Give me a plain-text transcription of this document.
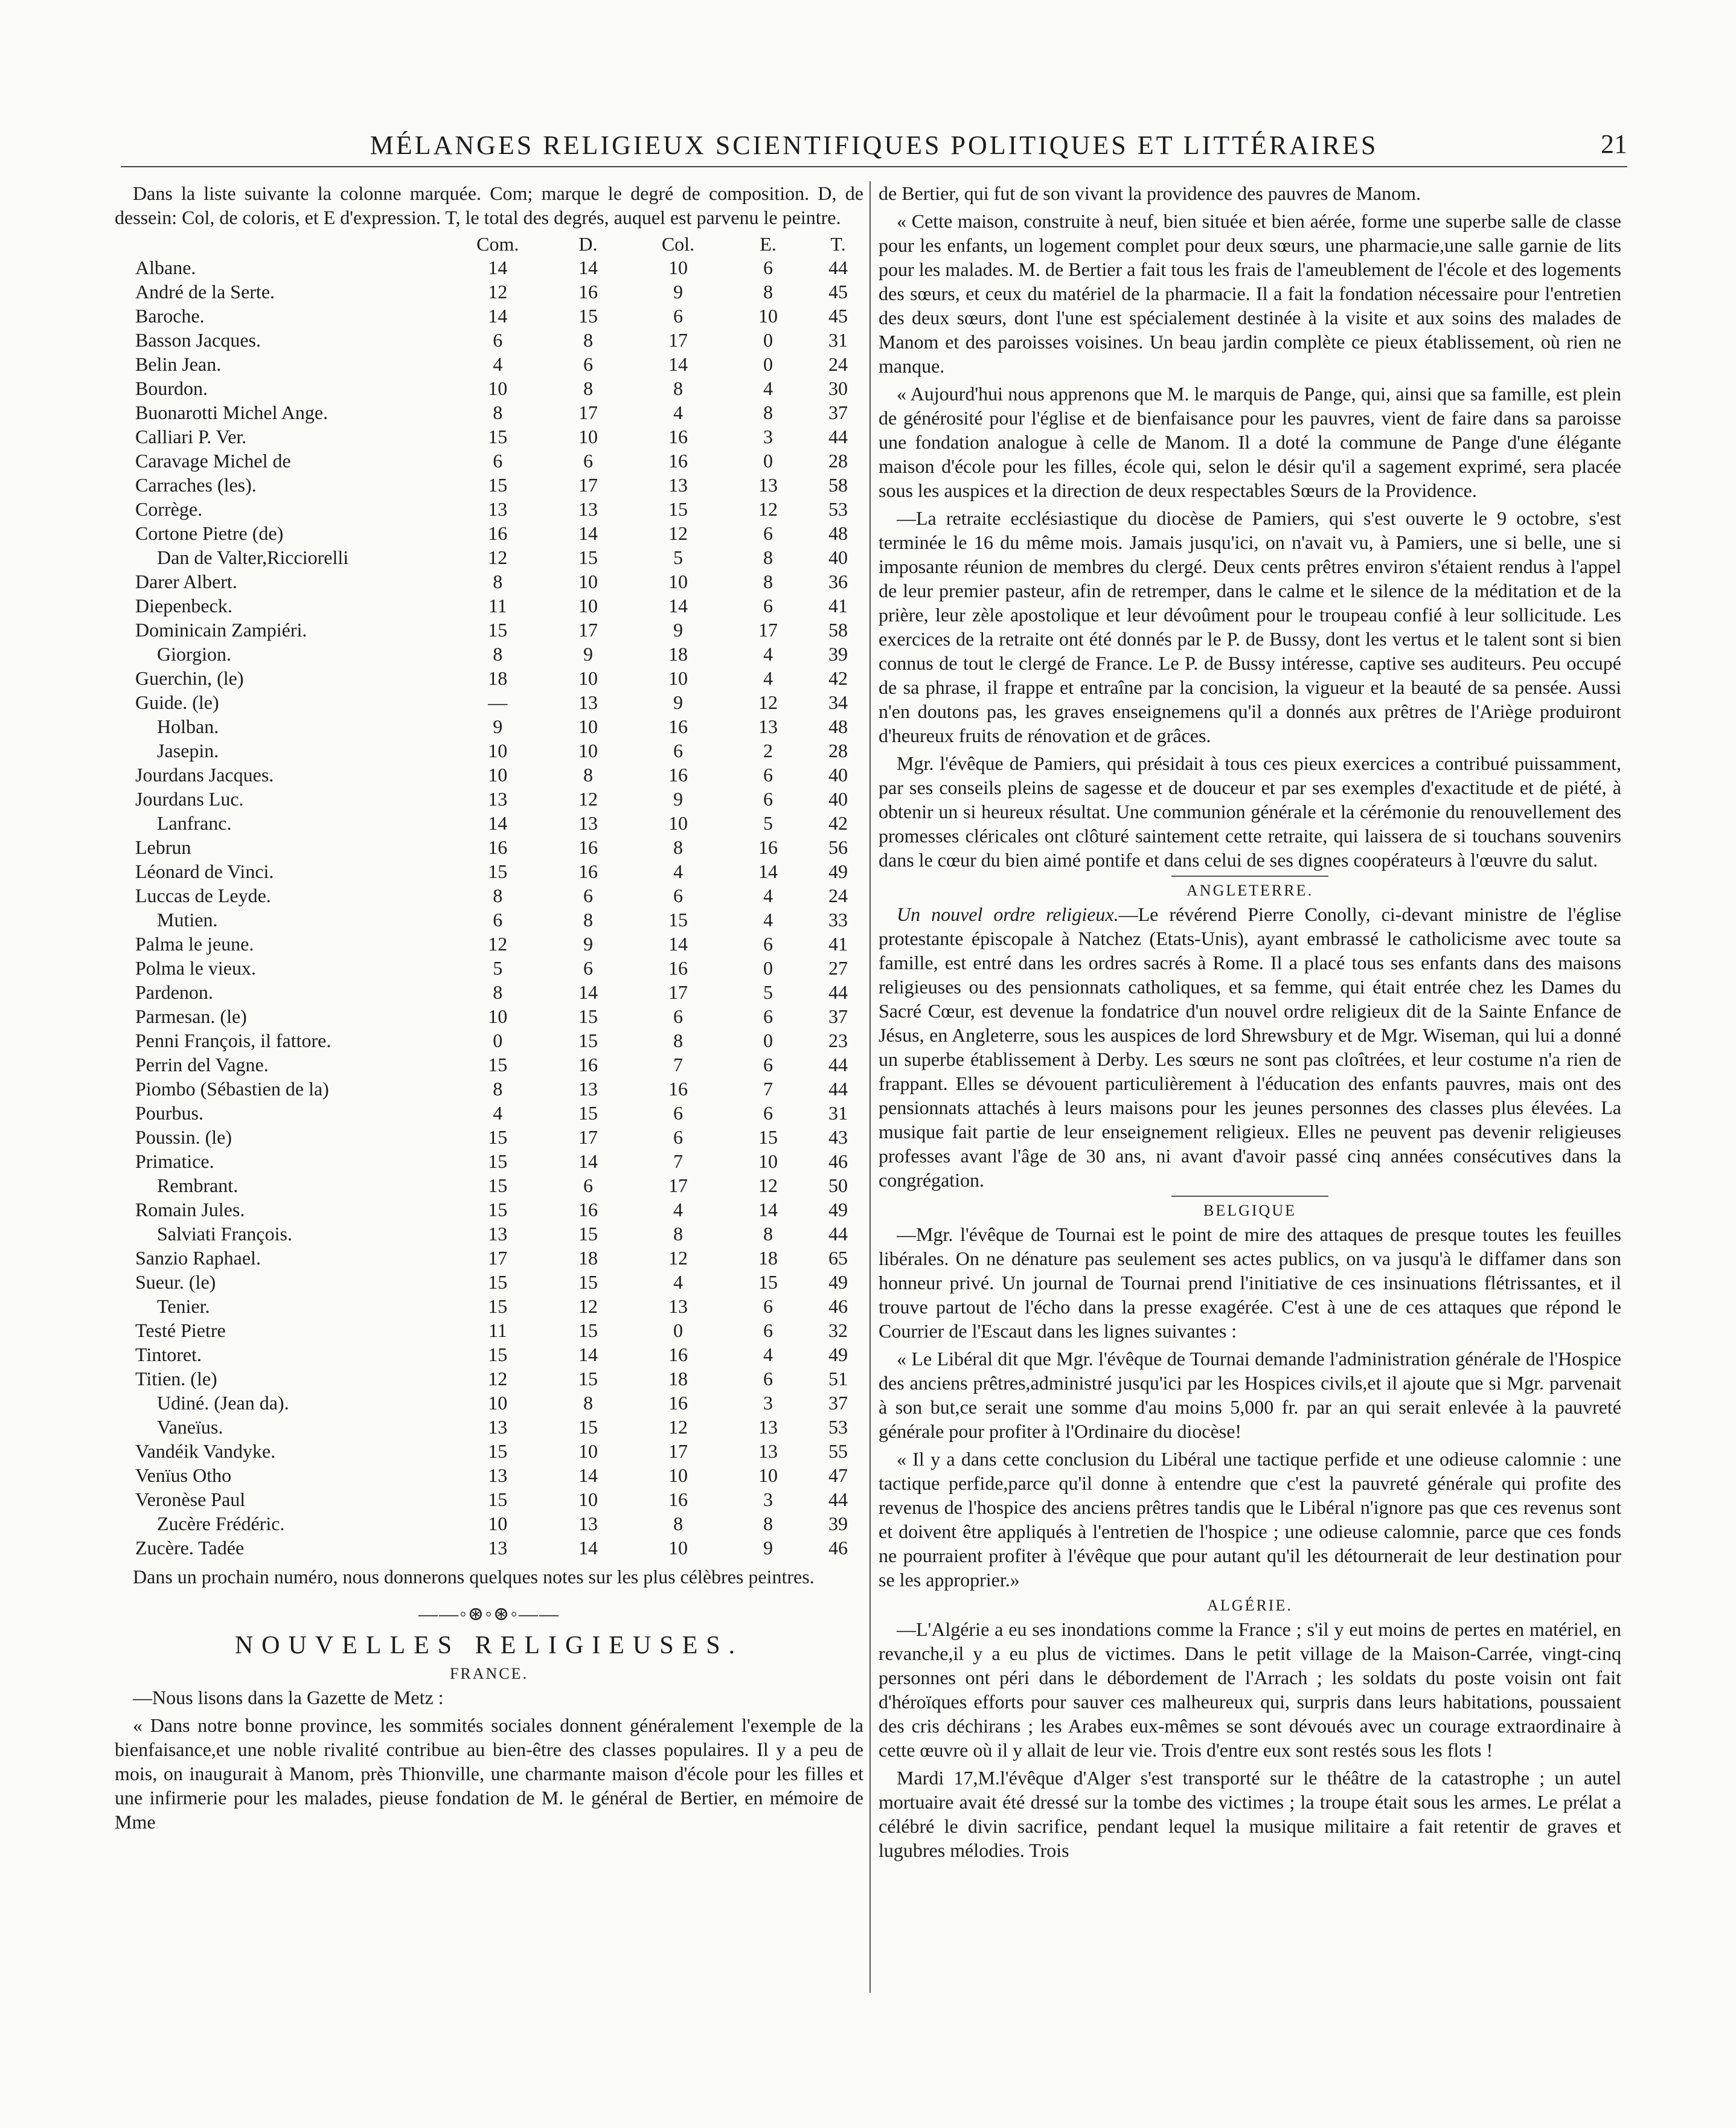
MÉLANGES RELIGIEUX SCIENTIFIQUES POLITIQUES ET LITTÉRAIRES	21

Dans la liste suivante la colonne marquée. Com; marque le degré de composition. D, de dessein: Col, de coloris, et E d'expression. T, le total des degrés, auquel est parvenu le peintre.

	Com.	D.	Col.	E.	T.
Albane.	14	14	10	6	44
André de la Serte.	12	16	9	8	45
Baroche.	14	15	6	10	45
Basson Jacques.	6	8	17	0	31
Belin Jean.	4	6	14	0	24
Bourdon.	10	8	8	4	30
Buonarotti Michel Ange.	8	17	4	8	37
Calliari P. Ver.	15	10	16	3	44
Caravage Michel de	6	6	16	0	28
Carraches (les).	15	17	13	13	58
Corrège.	13	13	15	12	53
Cortone Pietre (de)	16	14	12	6	48
Dan de Valter,Ricciorelli	12	15	5	8	40
Darer Albert.	8	10	10	8	36
Diepenbeck.	11	10	14	6	41
Dominicain Zampiéri.	15	17	9	17	58
Giorgion.	8	9	18	4	39
Guerchin, (le)	18	10	10	4	42
Guide. (le)	—	13	9	12	34
Holban.	9	10	16	13	48
Jasepin.	10	10	6	2	28
Jourdans Jacques.	10	8	16	6	40
Jourdans Luc.	13	12	9	6	40
Lanfranc.	14	13	10	5	42
Lebrun	16	16	8	16	56
Léonard de Vinci.	15	16	4	14	49
Luccas de Leyde.	8	6	6	4	24
Mutien.	6	8	15	4	33
Palma le jeune.	12	9	14	6	41
Polma le vieux.	5	6	16	0	27
Pardenon.	8	14	17	5	44
Parmesan. (le)	10	15	6	6	37
Penni François, il fattore.	0	15	8	0	23
Perrin del Vagne.	15	16	7	6	44
Piombo (Sébastien de la)	8	13	16	7	44
Pourbus.	4	15	6	6	31
Poussin. (le)	15	17	6	15	43
Primatice.	15	14	7	10	46
Rembrant.	15	6	17	12	50
Romain Jules.	15	16	4	14	49
Salviati François.	13	15	8	8	44
Sanzio Raphael.	17	18	12	18	65
Sueur. (le)	15	15	4	15	49
Tenier.	15	12	13	6	46
Testé Pietre	11	15	0	6	32
Tintoret.	15	14	16	4	49
Titien. (le)	12	15	18	6	51
Udiné. (Jean da).	10	8	16	3	37
Vaneïus.	13	15	12	13	53
Vandéik Vandyke.	15	10	17	13	55
Venïus Otho	13	14	10	10	47
Veronèse Paul	15	10	16	3	44
Zucère Frédéric.	10	13	8	8	39
Zucère. Tadée	13	14	10	9	46

Dans un prochain numéro, nous donnerons quelques notes sur les plus célèbres peintres.

——◦⊛◦⊛◦——
NOUVELLES RELIGIEUSES.
FRANCE.

—Nous lisons dans la Gazette de Metz :

« Dans notre bonne province, les sommités sociales donnent généralement l'exemple de la bienfaisance,et une noble rivalité contribue au bien-être des classes populaires. Il y a peu de mois, on inaugurait à Manom, près Thionville, une charmante maison d'école pour les filles et une infirmerie pour les malades, pieuse fondation de M. le général de Bertier, en mémoire de Mme

de Bertier, qui fut de son vivant la providence des pauvres de Manom.

« Cette maison, construite à neuf, bien située et bien aérée, forme une superbe salle de classe pour les enfants, un logement complet pour deux sœurs, une pharmacie,une salle garnie de lits pour les malades. M. de Bertier a fait tous les frais de l'ameublement de l'école et des logements des sœurs, et ceux du matériel de la pharmacie. Il a fait la fondation nécessaire pour l'entretien des deux sœurs, dont l'une est spécialement destinée à la visite et aux soins des malades de Manom et des paroisses voisines. Un beau jardin complète ce pieux établissement, où rien ne manque.

« Aujourd'hui nous apprenons que M. le marquis de Pange, qui, ainsi que sa famille, est plein de générosité pour l'église et de bienfaisance pour les pauvres, vient de faire dans sa paroisse une fondation analogue à celle de Manom. Il a doté la commune de Pange d'une élégante maison d'école pour les filles, école qui, selon le désir qu'il a sagement exprimé, sera placée sous les auspices et la direction de deux respectables Sœurs de la Providence.

—La retraite ecclésiastique du diocèse de Pamiers, qui s'est ouverte le 9 octobre, s'est terminée le 16 du même mois. Jamais jusqu'ici, on n'avait vu, à Pamiers, une si belle, une si imposante réunion de membres du clergé. Deux cents prêtres environ s'étaient rendus à l'appel de leur premier pasteur, afin de retremper, dans le calme et le silence de la méditation et de la prière, leur zèle apostolique et leur dévoûment pour le troupeau confié à leur sollicitude. Les exercices de la retraite ont été donnés par le P. de Bussy, dont les vertus et le talent sont si bien connus de tout le clergé de France. Le P. de Bussy intéresse, captive ses auditeurs. Peu occupé de sa phrase, il frappe et entraîne par la concision, la vigueur et la beauté de sa pensée. Aussi n'en doutons pas, les graves enseignemens qu'il a donnés aux prêtres de l'Ariège produiront d'heureux fruits de rénovation et de grâces.

Mgr. l'évêque de Pamiers, qui présidait à tous ces pieux exercices a contribué puissamment, par ses conseils pleins de sagesse et de douceur et par ses exemples d'exactitude et de piété, à obtenir un si heureux résultat. Une communion générale et la cérémonie du renouvellement des promesses cléricales ont clôturé saintement cette retraite, qui laissera de si touchans souvenirs dans le cœur du bien aimé pontife et dans celui de ses dignes coopérateurs à l'œuvre du salut.

ANGLETERRE.

Un nouvel ordre religieux.—Le révérend Pierre Conolly, ci-devant ministre de l'église protestante épiscopale à Natchez (Etats-Unis), ayant embrassé le catholicisme avec toute sa famille, est entré dans les ordres sacrés à Rome. Il a placé tous ses enfants dans des maisons religieuses ou des pensionnats catholiques, et sa femme, qui était entrée chez les Dames du Sacré Cœur, est devenue la fondatrice d'un nouvel ordre religieux dit de la Sainte Enfance de Jésus, en Angleterre, sous les auspices de lord Shrewsbury et de Mgr. Wiseman, qui lui a donné un superbe établissement à Derby. Les sœurs ne sont pas cloîtrées, et leur costume n'a rien de frappant. Elles se dévouent particulièrement à l'éducation des enfants pauvres, mais ont des pensionnats attachés à leurs maisons pour les jeunes personnes des classes plus élevées. La musique fait partie de leur enseignement religieux. Elles ne peuvent pas devenir religieuses professes avant l'âge de 30 ans, ni avant d'avoir passé cinq années consécutives dans la congrégation.

BELGIQUE

—Mgr. l'évêque de Tournai est le point de mire des attaques de presque toutes les feuilles libérales. On ne dénature pas seulement ses actes publics, on va jusqu'à le diffamer dans son honneur privé. Un journal de Tournai prend l'initiative de ces insinuations flétrissantes, et il trouve partout de l'écho dans la presse exagérée. C'est à une de ces attaques que répond le Courrier de l'Escaut dans les lignes suivantes :

« Le Libéral dit que Mgr. l'évêque de Tournai demande l'administration générale de l'Hospice des anciens prêtres,administré jusqu'ici par les Hospices civils,et il ajoute que si Mgr. parvenait à son but,ce serait une somme d'au moins 5,000 fr. par an qui serait enlevée à la pauvreté générale pour profiter à l'Ordinaire du diocèse!

« Il y a dans cette conclusion du Libéral une tactique perfide et une odieuse calomnie : une tactique perfide,parce qu'il donne à entendre que c'est la pauvreté générale qui profite des revenus de l'hospice des anciens prêtres tandis que le Libéral n'ignore pas que ces revenus sont et doivent être appliqués à l'entretien de l'hospice ; une odieuse calomnie, parce que ces fonds ne pourraient profiter à l'évêque que pour autant qu'il les détournerait de leur destination pour se les approprier.»

ALGÉRIE.

—L'Algérie a eu ses inondations comme la France ; s'il y eut moins de pertes en matériel, en revanche,il y a eu plus de victimes. Dans le petit village de la Maison-Carrée, vingt-cinq personnes ont péri dans le débordement de l'Arrach ; les soldats du poste voisin ont fait d'héroïques efforts pour sauver ces malheureux qui, surpris dans leurs habitations, poussaient des cris déchirans ; les Arabes eux-mêmes se sont dévoués avec un courage extraordinaire à cette œuvre où il y allait de leur vie. Trois d'entre eux sont restés sous les flots !

Mardi 17,M.l'évêque d'Alger s'est transporté sur le théâtre de la catastrophe ; un autel mortuaire avait été dressé sur la tombe des victimes ; la troupe était sous les armes. Le prélat a célébré le divin sacrifice, pendant lequel la musique militaire a fait retentir de graves et lugubres mélodies. Trois
